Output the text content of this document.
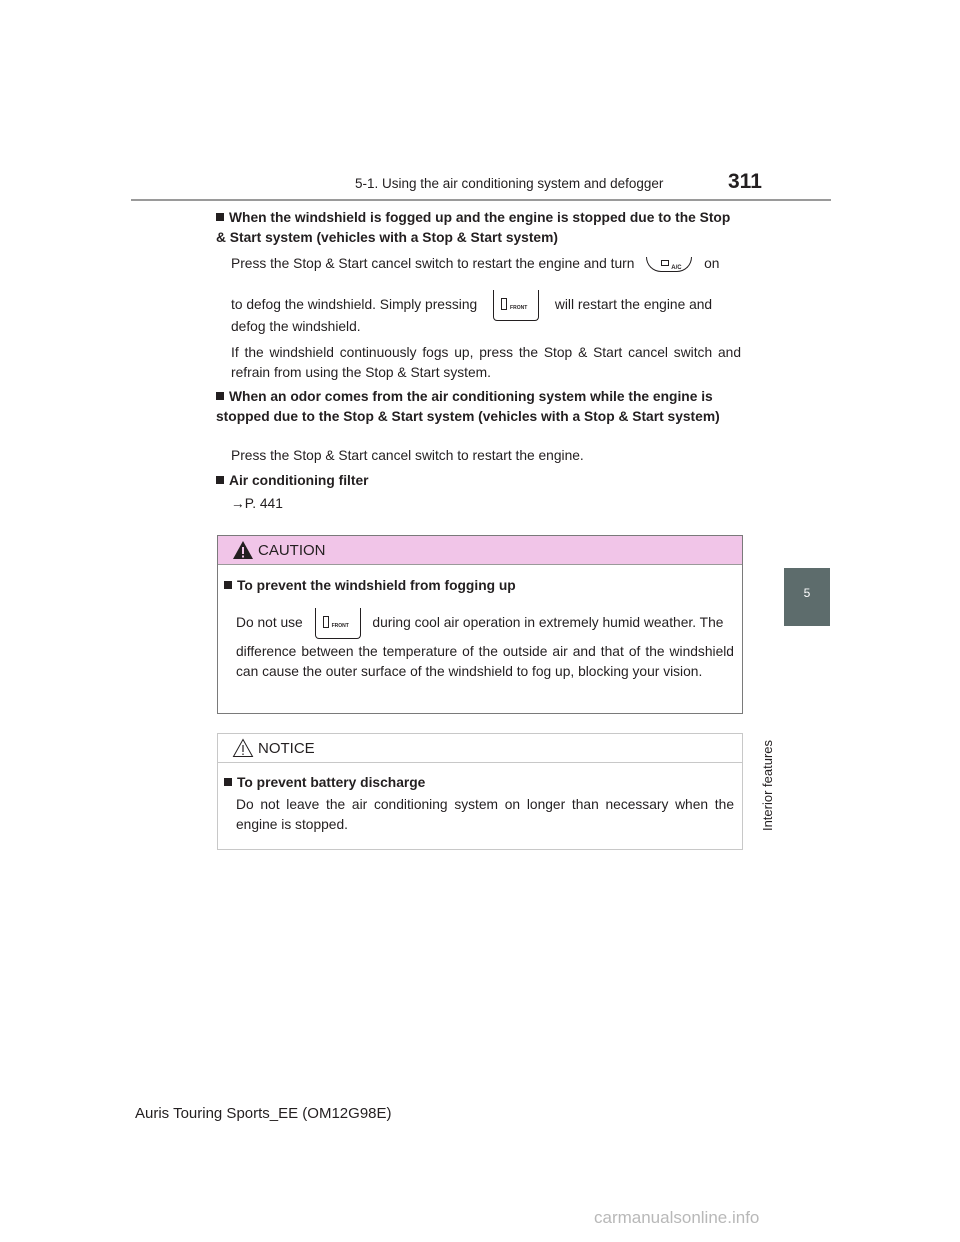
5-1. Using the air conditioning system and defogger	311
5
Interior features
When the windshield is fogged up and the engine is stopped due to the Stop & Start system (vehicles with a Stop & Start system)
Press the Stop & Start cancel switch to restart the engine and turn	A/C on
to defog the windshield. Simply pressing	FRONT will restart the engine and
defog the windshield.
If the windshield continuously fogs up, press the Stop & Start cancel switch and refrain from using the Stop & Start system.
When an odor comes from the air conditioning system while the engine is stopped due to the Stop & Start system (vehicles with a Stop & Start system)
Press the Stop & Start cancel switch to restart the engine.
Air conditioning filter
→P. 441
CAUTION
To prevent the windshield from fogging up
Do not use	FRONT during cool air operation in extremely humid weather. The
difference between the temperature of the outside air and that of the windshield can cause the outer surface of the windshield to fog up, blocking your vision.
NOTICE
To prevent battery discharge
Do not leave the air conditioning system on longer than necessary when the engine is stopped.
Auris Touring Sports_EE (OM12G98E)
carmanualsonline.info
